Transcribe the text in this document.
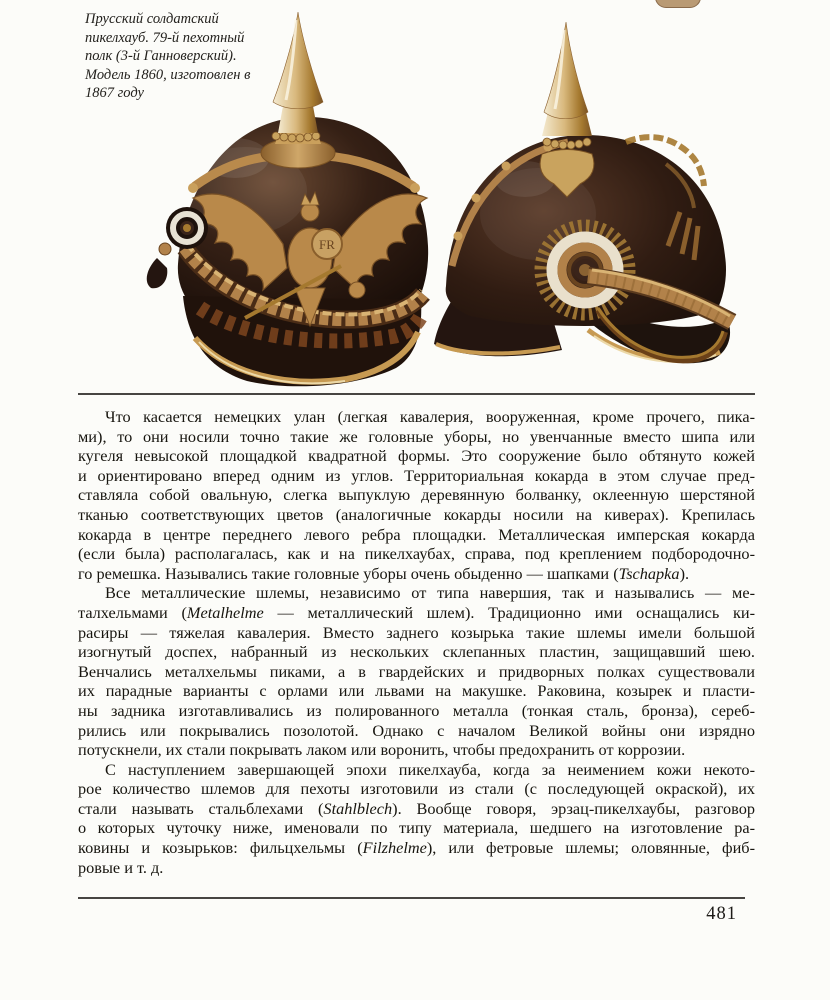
Прусский солдатский
пикелхауб. 79-й пехотный
полк (3-й Ганноверский).
Модель 1860, изготовлен в
1867 году
FR
Что касается немецких улан (легкая кавалерия, вооруженная, кроме прочего, пика-
ми), то они носили точно такие же головные уборы, но увенчанные вместо шипа или
кугеля невысокой площадкой квадратной формы. Это сооружение было обтянуто кожей
и ориентировано вперед одним из углов. Территориальная кокарда в этом случае пред-
ставляла собой овальную, слегка выпуклую деревянную болванку, оклеенную шерстяной
тканью соответствующих цветов (аналогичные кокарды носили на киверах). Крепилась
кокарда в центре переднего левого ребра площадки. Металлическая имперская кокарда
(если была) располагалась, как и на пикелхаубах, справа, под креплением подбородочно-
го ремешка. Назывались такие головные уборы очень обыденно — шапками (Tschapka).
Все металлические шлемы, независимо от типа навершия, так и назывались — ме-
талхельмами (Metalhelme — металлический шлем). Традиционно ими оснащались ки-
расиры — тяжелая кавалерия. Вместо заднего козырька такие шлемы имели большой
изогнутый доспех, набранный из нескольких склепанных пластин, защищавший шею.
Венчались металхельмы пиками, а в гвардейских и придворных полках существовали
их парадные варианты с орлами или львами на макушке. Раковина, козырек и пласти-
ны задника изготавливались из полированного металла (тонкая сталь, бронза), сереб-
рились или покрывались позолотой. Однако с началом Великой войны они изрядно
потускнели, их стали покрывать лаком или воронить, чтобы предохранить от коррозии.
С наступлением завершающей эпохи пикелхауба, когда за неимением кожи некото-
рое количество шлемов для пехоты изготовили из стали (с последующей окраской), их
стали называть стальблехами (Stahlblech). Вообще говоря, эрзац-пикелхаубы, разговор
о которых чуточку ниже, именовали по типу материала, шедшего на изготовление ра-
ковины и козырьков: фильцхельмы (Filzhelme), или фетровые шлемы; оловянные, фиб-
ровые и т. д.
481
